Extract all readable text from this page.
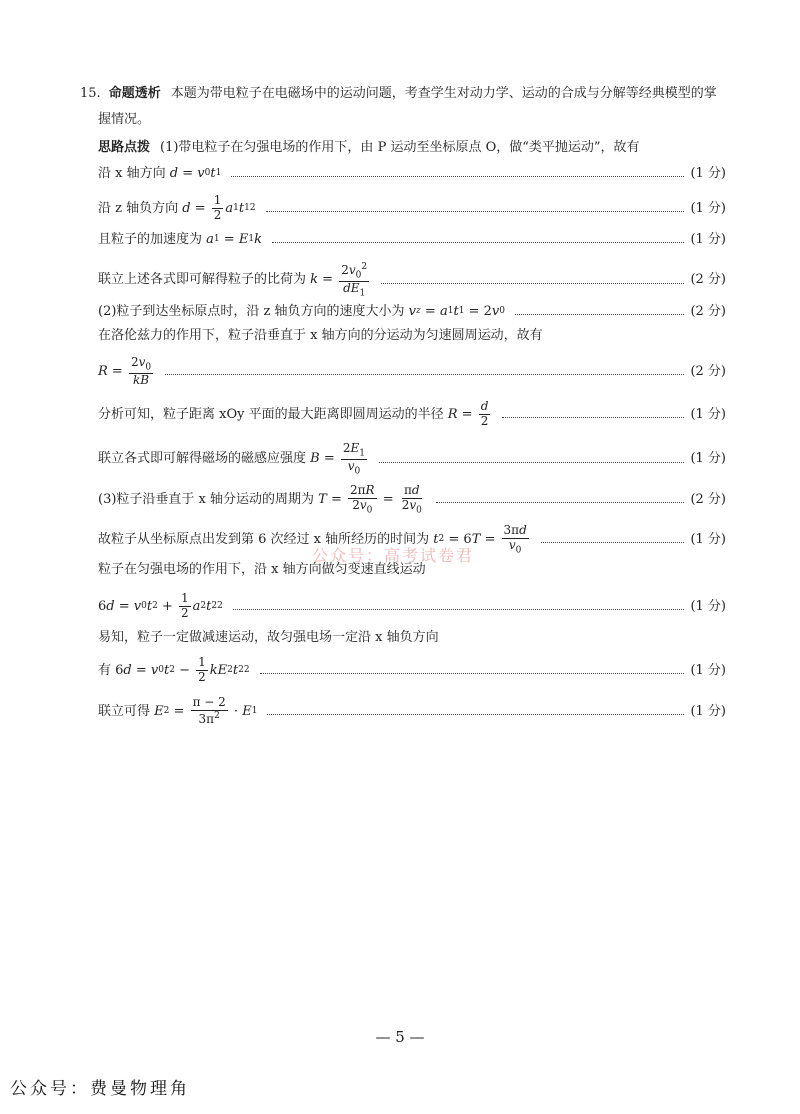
15. 命题透析 本题为带电粒子在电磁场中的运动问题，考查学生对动力学、运动的合成与分解等经典模型的掌
握情况。
思路点拨 (1)带电粒子在匀强电场的作用下，由 P 运动至坐标原点 O，做“类平抛运动”，故有
沿 x 轴方向
d = v 0 t 1	(1 分)
沿 z 轴负方向
$d = \frac{1}{2}$ a 1 t 1 2	(1 分)
且粒子的加速度为
a 1 = E 1 k	(1 分)
联立上述各式即可解得粒子的比荷为
$k = \frac{2v_0^2}{dE_1}$	(2 分)
(2)粒子到达坐标原点时，沿 z 轴负方向的速度大小为
v z = a 1 t 1 = 2 v 0	(2 分)
在洛伦兹力的作用下，粒子沿垂直于 x 轴方向的分运动为匀速圆周运动，故有
$R = \frac{2v_0}{kB}$	(2 分)
分析可知，粒子距离 xOy 平面的最大距离即圆周运动的半径
$R = \frac{d}{2}$	(1 分)
联立各式即可解得磁场的磁感应强度
$B = \frac{2E_1}{v_0}$	(1 分)
(3)粒子沿垂直于 x 轴分运动的周期为
$T = \frac{2\pi R}{2v_0} = \frac{\pi d}{2v_0}$	(2 分)
故粒子从坐标原点出发到第 6 次经过 x 轴所经历的时间为
t 2 = 6 $T = \frac{3\pi d}{v_0}$	(1 分)
粒子在匀强电场的作用下，沿 x 轴方向做匀变速直线运动
6 d = v 0 t $2 + \frac{1}{2}$ a 2 t 2 2	(1 分)
易知，粒子一定做减速运动，故匀强电场一定沿 x 轴负方向
有 6 d = v 0 t $2 - \frac{1}{2}$ kE 2 t 2 2	(1 分)
联立可得
E $2 = \frac{\pi - 2}{3\pi^2} \cdot E$ 1	(1 分)
公众号：高考试卷君
— 5 —
公众号：费曼物理角
